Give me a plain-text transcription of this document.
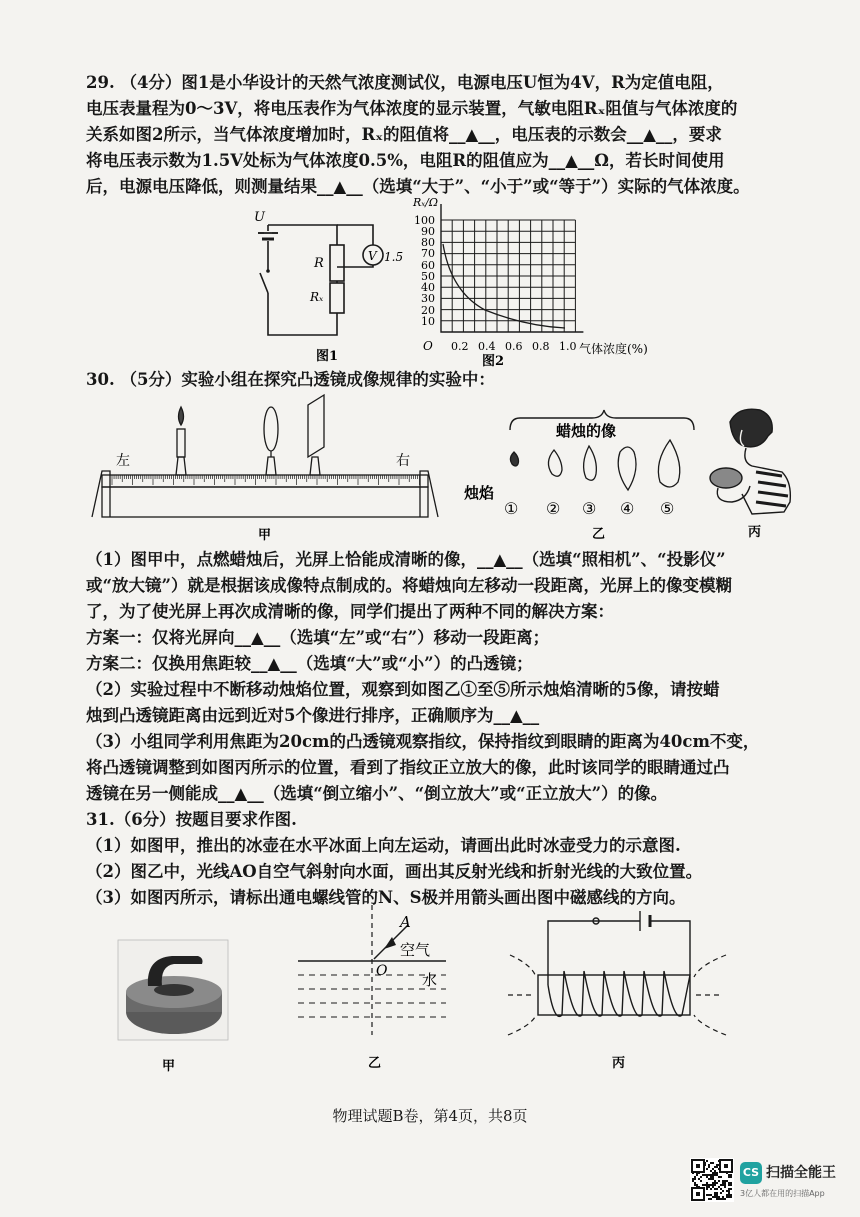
29. （4分）图1是小华设计的天然气浓度测试仪，电源电压U恒为4V，R为定值电阻，
电压表量程为0～3V，将电压表作为气体浓度的显示装置，气敏电阻Rₓ阻值与气体浓度的
关系如图2所示，当气体浓度增加时，Rₓ的阻值将__▲__，电压表的示数会__▲__，要求
将电压表示数为1.5V处标为气体浓度0.5%，电阻R的阻值应为__▲__Ω，若长时间使用
后，电源电压降低，则测量结果__▲__（选填“大于”、“小于”或“等于”）实际的气体浓度。
U
R
Rₓ
V 1.5
图1
Rₓ/Ω
100
90
80
70
60
50
40
30
20
10
O 0.2 0.4 0.6 0.8 1.0 气体浓度(%)
图2
30. （5分）实验小组在探究凸透镜成像规律的实验中：
左	右
甲
蜡烛的像
烛焰
① ② ③ ④ ⑤
乙	丙
（1）图甲中，点燃蜡烛后，光屏上恰能成清晰的像，__▲__（选填“照相机”、“投影仪”
或“放大镜”）就是根据该成像特点制成的。将蜡烛向左移动一段距离，光屏上的像变模糊
了，为了使光屏上再次成清晰的像，同学们提出了两种不同的解决方案：
方案一：仅将光屏向__▲__（选填“左”或“右”）移动一段距离；
方案二：仅换用焦距较__▲__（选填“大”或“小”）的凸透镜；
（2）实验过程中不断移动烛焰位置，观察到如图乙①至⑤所示烛焰清晰的5像，请按蜡
烛到凸透镜距离由远到近对5个像进行排序，正确顺序为__▲__
（3）小组同学利用焦距为20cm的凸透镜观察指纹，保持指纹到眼睛的距离为40cm不变，
将凸透镜调整到如图丙所示的位置，看到了指纹正立放大的像，此时该同学的眼睛通过凸
透镜在另一侧能成__▲__（选填“倒立缩小”、“倒立放大”或“正立放大”）的像。
31.（6分）按题目要求作图.
（1）如图甲，推出的冰壶在水平冰面上向左运动，请画出此时冰壶受力的示意图.
（2）图乙中，光线AO自空气斜射向水面，画出其反射光线和折射光线的大致位置。
（3）如图丙所示，请标出通电螺线管的N、S极并用箭头画出图中磁感线的方向。
甲
A
O
空气
水
乙	丙
物理试题B卷，第4页，共8页
CS 扫描全能王
3亿人都在用的扫描App
